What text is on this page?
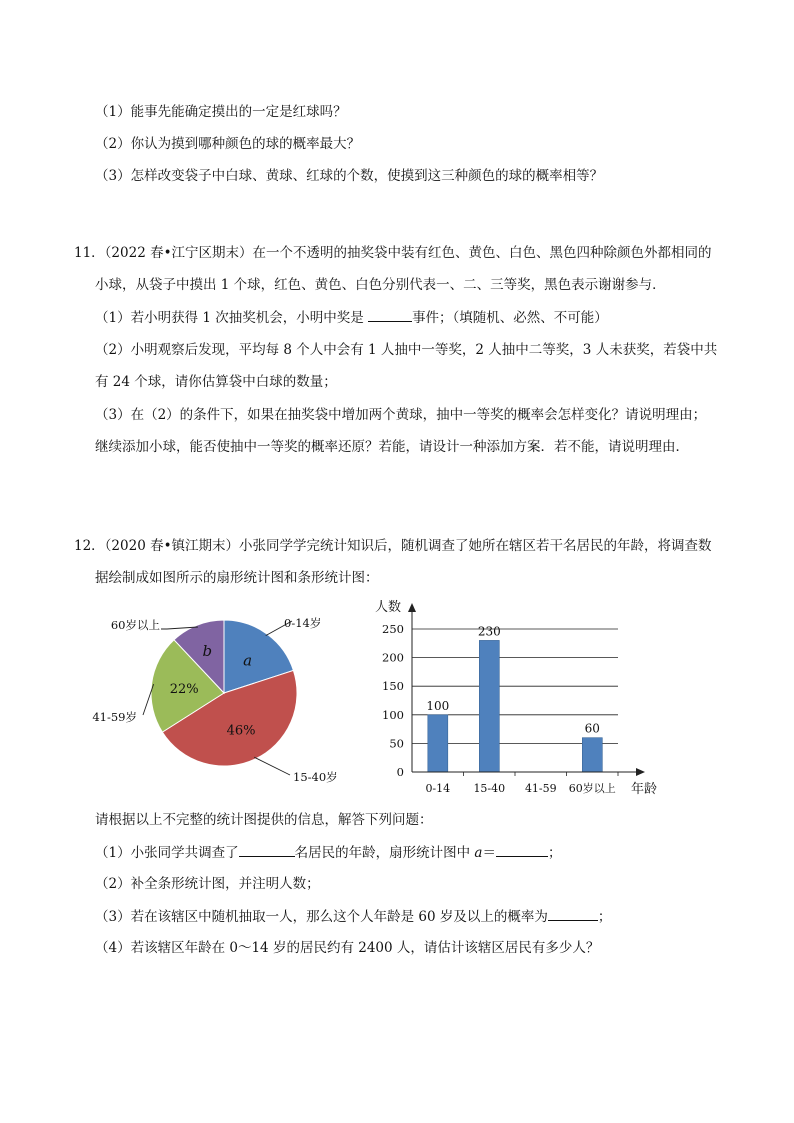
（1）能事先能确定摸出的一定是红球吗？
（2）你认为摸到哪种颜色的球的概率最大？
（3）怎样改变袋子中白球、黄球、红球的个数，使摸到这三种颜色的球的概率相等？
11．（2022 春•江宁区期末）在一个不透明的抽奖袋中装有红色、黄色、白色、黑色四种除颜色外都相同的
小球，从袋子中摸出 1 个球，红色、黄色、白色分别代表一、二、三等奖，黑色表示谢谢参与．
（1）若小明获得 1 次抽奖机会，小明中奖是	事件；（填随机、必然、不可能）
（2）小明观察后发现，平均每 8 个人中会有 1 人抽中一等奖，2 人抽中二等奖，3 人未获奖，若袋中共
有 24 个球，请你估算袋中白球的数量；
（3）在（2）的条件下，如果在抽奖袋中增加两个黄球，抽中一等奖的概率会怎样变化？请说明理由；
继续添加小球，能否使抽中一等奖的概率还原？若能，请设计一种添加方案．若不能，请说明理由．
12．（2020 春•镇江期末）小张同学学完统计知识后，随机调查了她所在辖区若干名居民的年龄，将调查数
据绘制成如图所示的扇形统计图和条形统计图：
a
0-14岁
46%
15-40岁
22%
41-59岁
b
60岁以上
0
50
100
150
200
250
100
0-14
230
15-40 41-59
60
60岁以上
人数
年龄
请根据以上不完整的统计图提供的信息，解答下列问题：
（1）小张同学共调查了	名居民的年龄，扇形统计图中 a＝	；
（2）补全条形统计图，并注明人数；
（3）若在该辖区中随机抽取一人，那么这个人年龄是 60 岁及以上的概率为	；
（4）若该辖区年龄在 0～14 岁的居民约有 2400 人，请估计该辖区居民有多少人？
